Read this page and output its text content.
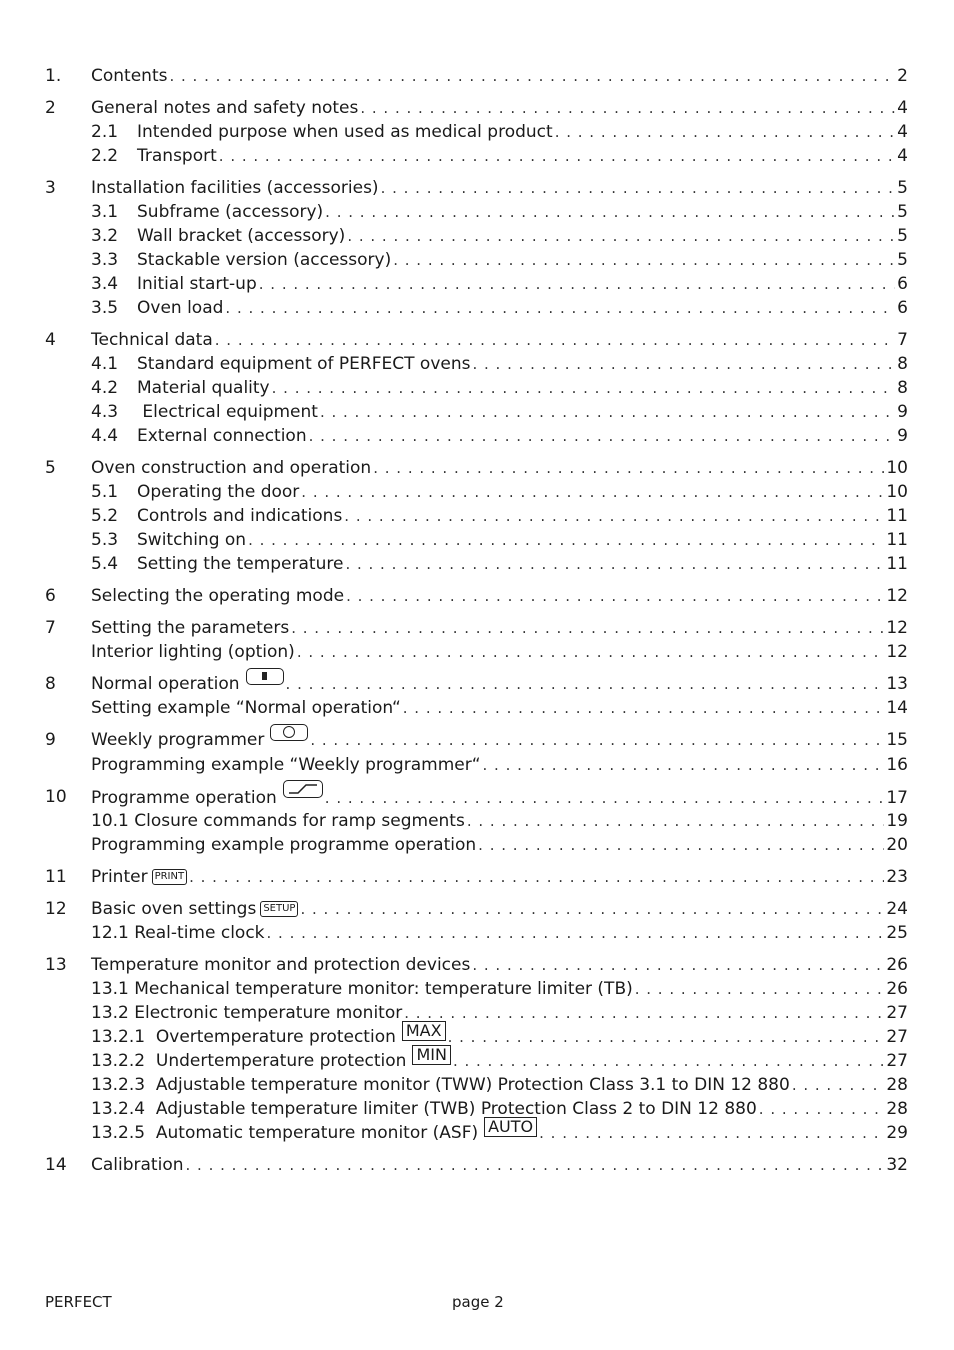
1. Contents . . .	2
2 General notes and safety notes . . .	4
2.1	Intended purpose when used as medical product . . .	4
2.2	Transport . . .	4
3 Installation facilities (accessories) . . .	5
3.1	Subframe (accessory) . . .	5
3.2	Wall bracket (accessory) . . .	5
3.3	Stackable version (accessory) . . .	5
3.4	Initial start-up . . .	6
3.5	Oven load . . .	6
4 Technical data . . .	7
4.1	Standard equipment of PERFECT ovens . . .	8
4.2	Material quality . . .	8
4.3	Electrical equipment . . .	9
4.4	External connection . . .	9
5 Oven construction and operation . . .	10
5.1	Operating the door . . .	10
5.2	Controls and indications . . .	11
5.3	Switching on . . .	11
5.4	Setting the temperature . . .	11
6 Selecting the operating mode . . .	12
7 Setting the parameters . . .	12
Interior lighting (option) . . .	12
8 Normal operation . . .	13
Setting example “Normal operation“ . . .	14
9 Weekly programmer . . .	15
Programming example “Weekly programmer“ . . .	16
10 Programme operation . . .	17
10.1 Closure commands for ramp segments . . .	19
Programming example programme operation . . .	20
11 Printer PRINT . . .	23
12 Basic oven settings SETUP . . .	24
12.1 Real-time clock . . .	25
13 Temperature monitor and protection devices . . .	26
13.1 Mechanical temperature monitor: temperature limiter (TB) . . .	26
13.2 Electronic temperature monitor . . .	27
13.2.1  Overtemperature protection MAX . . .	27
13.2.2  Undertemperature protection MIN . . .	27
13.2.3  Adjustable temperature monitor (TWW) Protection Class 3.1 to DIN 12 880 . . .	28
13.2.4  Adjustable temperature limiter (TWB) Protection Class 2 to DIN 12 880 . . .	28
13.2.5  Automatic temperature monitor (ASF) AUTO . . .	29
14 Calibration . . .	32
PERFECT	page 2
